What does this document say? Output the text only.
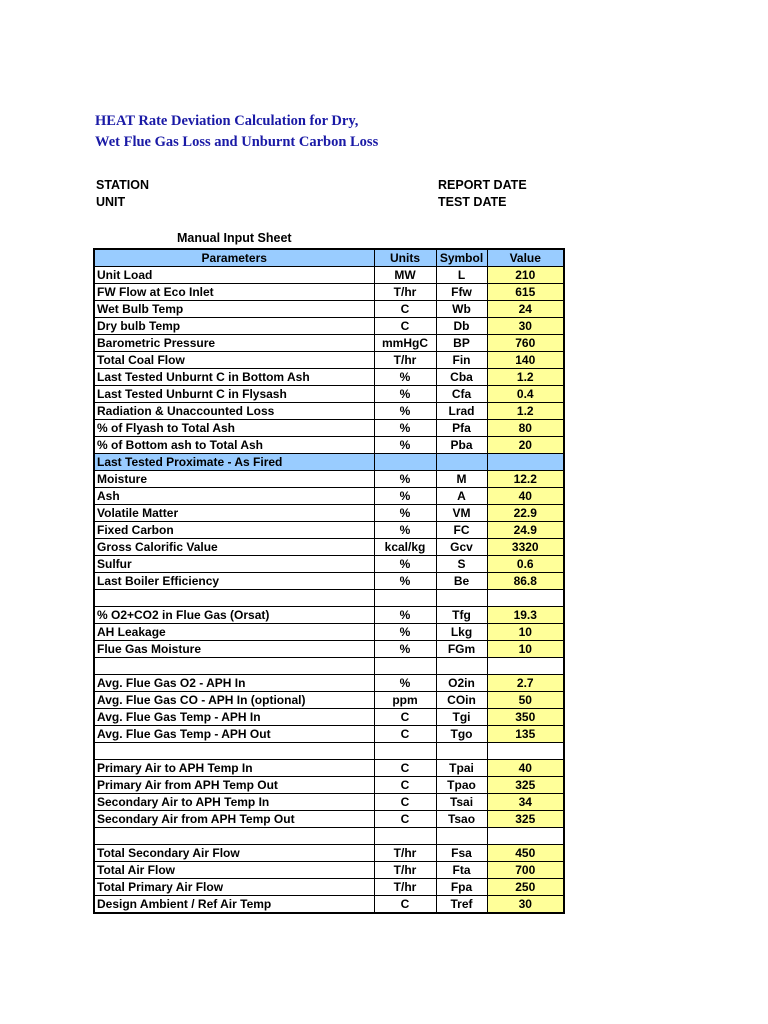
HEAT Rate Deviation Calculation for Dry,
Wet Flue Gas Loss and Unburnt Carbon Loss
STATION
UNIT
REPORT DATE
TEST DATE
Manual Input Sheet
Parameters	Units	Symbol	Value
Unit Load	MW	L	210
FW Flow at Eco Inlet	T/hr	Ffw	615
Wet Bulb Temp	C	Wb	24
Dry bulb Temp	C	Db	30
Barometric Pressure	mmHgC	BP	760
Total Coal Flow	T/hr	Fin	140
Last Tested Unburnt C in Bottom Ash	%	Cba	1.2
Last Tested Unburnt C in Flysash	%	Cfa	0.4
Radiation & Unaccounted Loss	%	Lrad	1.2
% of Flyash to Total Ash	%	Pfa	80
% of Bottom ash to Total Ash	%	Pba	20
Last Tested Proximate - As Fired			
Moisture	%	M	12.2
Ash	%	A	40
Volatile Matter	%	VM	22.9
Fixed Carbon	%	FC	24.9
Gross Calorific Value	kcal/kg	Gcv	3320
Sulfur	%	S	0.6
Last Boiler Efficiency	%	Be	86.8

% O2+CO2 in Flue Gas (Orsat)	%	Tfg	19.3
AH Leakage	%	Lkg	10
Flue Gas Moisture	%	FGm	10

Avg. Flue Gas O2 - APH In	%	O2in	2.7
Avg. Flue Gas CO - APH In (optional)	ppm	COin	50
Avg. Flue Gas Temp - APH In	C	Tgi	350
Avg. Flue Gas Temp - APH Out	C	Tgo	135

Primary Air to APH Temp In	C	Tpai	40
Primary Air from APH Temp Out	C	Tpao	325
Secondary Air to APH Temp In	C	Tsai	34
Secondary Air from APH Temp Out	C	Tsao	325

Total Secondary Air Flow	T/hr	Fsa	450
Total Air Flow	T/hr	Fta	700
Total Primary Air Flow	T/hr	Fpa	250
Design Ambient / Ref Air Temp	C	Tref	30
